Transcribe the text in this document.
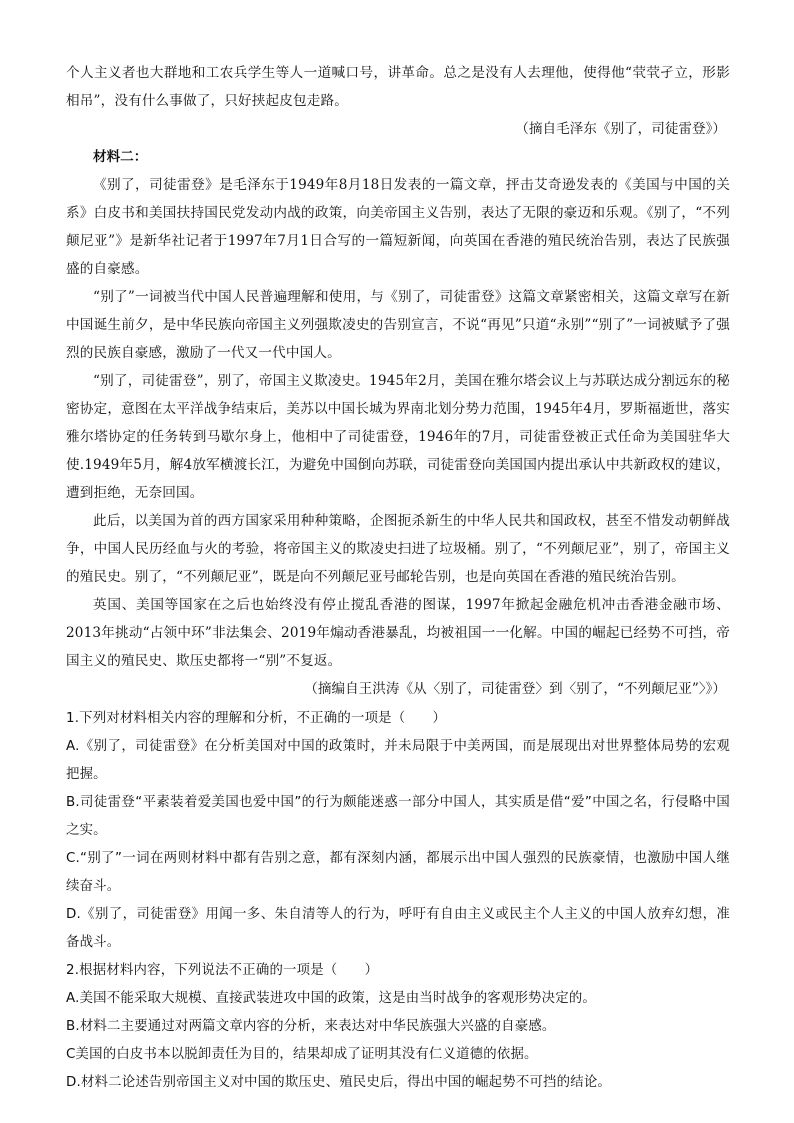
个人主义者也大群地和工农兵学生等人一道喊口号，讲革命。总之是没有人去理他，使得他“茕茕孑立，形影相吊”，没有什么事做了，只好挟起皮包走路。

（摘自毛泽东《别了，司徒雷登》）

材料二：

《别了，司徒雷登》是毛泽东于1949年8月18日发表的一篇文章，抨击艾奇逊发表的《美国与中国的关系》白皮书和美国扶持国民党发动内战的政策，向美帝国主义告别，表达了无限的豪迈和乐观。《别了，“不列颠尼亚”》是新华社记者于1997年7月1日合写的一篇短新闻，向英国在香港的殖民统治告别，表达了民族强盛的自豪感。

“别了”一词被当代中国人民普遍理解和使用，与《别了，司徒雷登》这篇文章紧密相关，这篇文章写在新中国诞生前夕，是中华民族向帝国主义列强欺凌史的告别宣言，不说“再见”只道“永别”“别了”一词被赋予了强烈的民族自豪感，激励了一代又一代中国人。

“别了，司徒雷登”，别了，帝国主义欺凌史。1945年2月，美国在雅尔塔会议上与苏联达成分割远东的秘密协定，意图在太平洋战争结束后，美苏以中国长城为界南北划分势力范围，1945年4月，罗斯福逝世，落实雅尔塔协定的任务转到马歇尔身上，他相中了司徒雷登，1946年的7月，司徒雷登被正式任命为美国驻华大使.1949年5月，解4放军横渡长江，为避免中国倒向苏联，司徒雷登向美国国内提出承认中共新政权的建议，遭到拒绝，无奈回国。

此后，以美国为首的西方国家采用种种策略，企图扼杀新生的中华人民共和国政权，甚至不惜发动朝鲜战争，中国人民历经血与火的考验，将帝国主义的欺凌史扫进了垃圾桶。别了，“不列颠尼亚”，别了，帝国主义的殖民史。别了，“不列颠尼亚”，既是向不列颠尼亚号邮轮告别，也是向英国在香港的殖民统治告别。

英国、美国等国家在之后也始终没有停止搅乱香港的图谋，1997年掀起金融危机冲击香港金融市场、2013年挑动“占领中环”非法集会、2019年煽动香港暴乱，均被祖国一一化解。中国的崛起已经势不可挡，帝国主义的殖民史、欺压史都将一“别”不复返。

（摘编自王洪涛《从〈别了，司徒雷登〉到〈别了，“不列颠尼亚”〉》）

1.下列对材料相关内容的理解和分析，不正确的一项是（　　）

A.《别了，司徒雷登》在分析美国对中国的政策时，并未局限于中美两国，而是展现出对世界整体局势的宏观把握。

B.司徒雷登“平素装着爱美国也爱中国”的行为颇能迷惑一部分中国人，其实质是借“爱”中国之名，行侵略中国之实。

C.“别了”一词在两则材料中都有告别之意，都有深刻内涵，都展示出中国人强烈的民族豪情，也激励中国人继续奋斗。

D.《别了，司徒雷登》用闻一多、朱自清等人的行为，呼吁有自由主义或民主个人主义的中国人放弃幻想，准备战斗。

2.根据材料内容，下列说法不正确的一项是（　　）

A.美国不能采取大规模、直接武装进攻中国的政策，这是由当时战争的客观形势决定的。

B.材料二主要通过对两篇文章内容的分析，来表达对中华民族强大兴盛的自豪感。

C美国的白皮书本以脱卸责任为目的，结果却成了证明其没有仁义道德的依据。

D.材料二论述告别帝国主义对中国的欺压史、殖民史后，得出中国的崛起势不可挡的结论。
